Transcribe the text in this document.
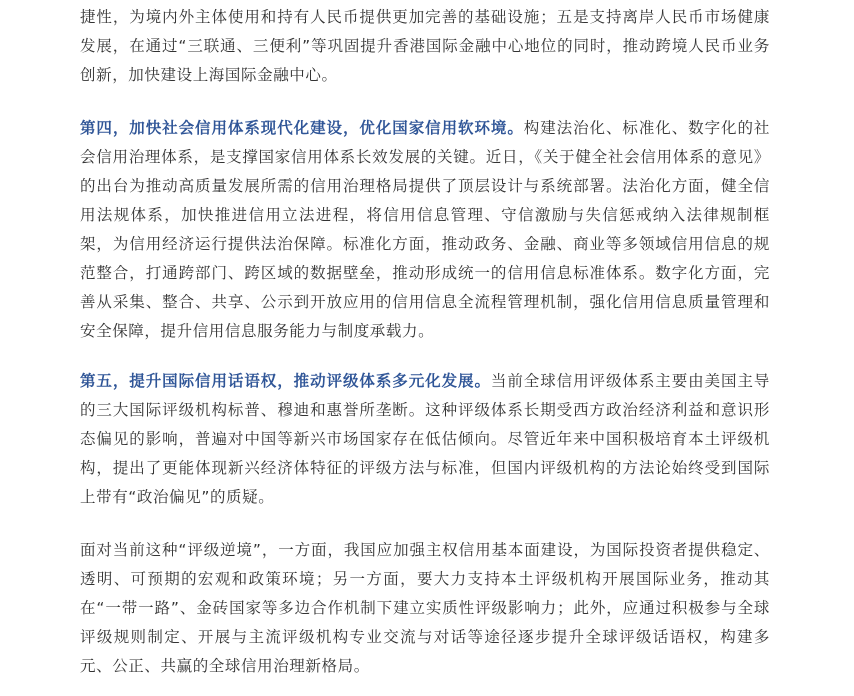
捷性，为境内外主体使用和持有人民币提供更加完善的基础设施；五是支持离岸人民币市场健康发展，在通过“三联通、三便利”等巩固提升香港国际金融中心地位的同时，推动跨境人民币业务创新，加快建设上海国际金融中心。

第四，加快社会信用体系现代化建设，优化国家信用软环境。构建法治化、标准化、数字化的社会信用治理体系，是支撑国家信用体系长效发展的关键。近日，《关于健全社会信用体系的意见》的出台为推动高质量发展所需的信用治理格局提供了顶层设计与系统部署。法治化方面，健全信用法规体系，加快推进信用立法进程，将信用信息管理、守信激励与失信惩戒纳入法律规制框架，为信用经济运行提供法治保障。标准化方面，推动政务、金融、商业等多领域信用信息的规范整合，打通跨部门、跨区域的数据壁垒，推动形成统一的信用信息标准体系。数字化方面，完善从采集、整合、共享、公示到开放应用的信用信息全流程管理机制，强化信用信息质量管理和安全保障，提升信用信息服务能力与制度承载力。

第五，提升国际信用话语权，推动评级体系多元化发展。当前全球信用评级体系主要由美国主导的三大国际评级机构标普、穆迪和惠誉所垄断。这种评级体系长期受西方政治经济利益和意识形态偏见的影响，普遍对中国等新兴市场国家存在低估倾向。尽管近年来中国积极培育本土评级机构，提出了更能体现新兴经济体特征的评级方法与标准，但国内评级机构的方法论始终受到国际上带有“政治偏见”的质疑。

面对当前这种“评级逆境”，一方面，我国应加强主权信用基本面建设，为国际投资者提供稳定、透明、可预期的宏观和政策环境；另一方面，要大力支持本土评级机构开展国际业务，推动其在“一带一路”、金砖国家等多边合作机制下建立实质性评级影响力；此外，应通过积极参与全球评级规则制定、开展与主流评级机构专业交流与对话等途径逐步提升全球评级话语权，构建多元、公正、共赢的全球信用治理新格局。
